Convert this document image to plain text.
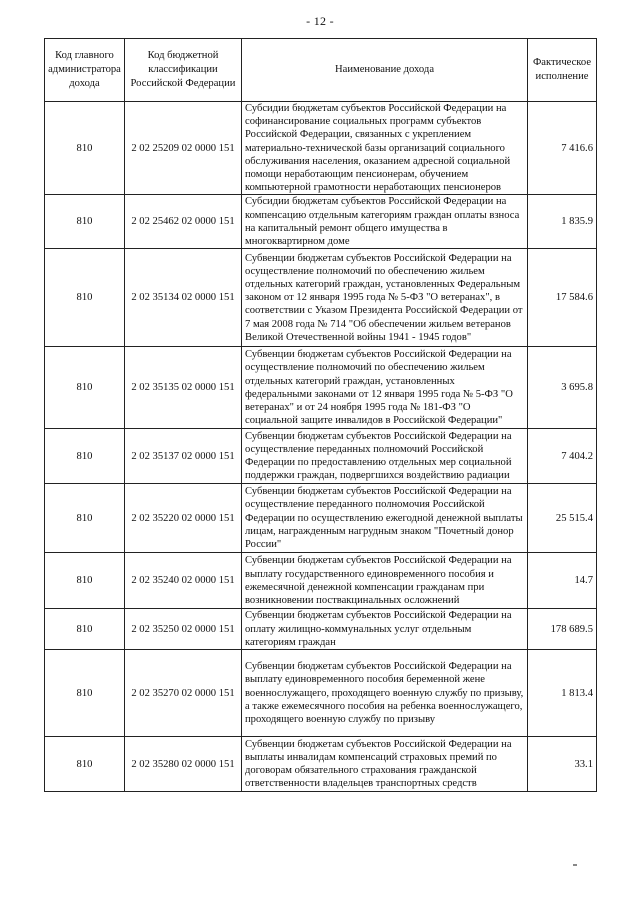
- 12 -
Код главного администратора дохода	Код бюджетной классификации Российской Федерации	Наименование дохода	Фактическое исполнение
810	2 02 25209 02 0000 151	Субсидии бюджетам субъектов Российской Федерации на софинансирование социальных программ субъектов Российской Федерации, связанных с укреплением материально-технической базы организаций социального обслуживания населения, оказанием адресной социальной помощи неработающим пенсионерам, обучением компьютерной грамотности неработающих пенсионеров	7 416.6
810	2 02 25462 02 0000 151	Субсидии бюджетам субъектов Российской Федерации на компенсацию отдельным категориям граждан оплаты взноса на капитальный ремонт общего имущества в многоквартирном доме	1 835.9
810	2 02 35134 02 0000 151	Субвенции бюджетам субъектов Российской Федерации на осуществление полномочий по обеспечению жильем отдельных категорий граждан, установленных Федеральным законом от 12 января 1995 года № 5-ФЗ "О ветеранах", в соответствии с Указом Президента Российской Федерации от 7 мая 2008 года № 714 "Об обеспечении жильем ветеранов Великой Отечественной войны 1941 - 1945 годов"	17 584.6
810	2 02 35135 02 0000 151	Субвенции бюджетам субъектов Российской Федерации на осуществление полномочий по обеспечению жильем отдельных категорий граждан, установленных федеральными законами от 12 января 1995 года № 5-ФЗ "О ветеранах" и от 24 ноября 1995 года № 181-ФЗ "О социальной защите инвалидов в Российской Федерации"	3 695.8
810	2 02 35137 02 0000 151	Субвенции бюджетам субъектов Российской Федерации на осуществление переданных полномочий Российской Федерации по предоставлению отдельных мер социальной поддержки граждан, подвергшихся воздействию радиации	7 404.2
810	2 02 35220 02 0000 151	Субвенции бюджетам субъектов Российской Федерации на осуществление переданного полномочия Российской Федерации по осуществлению ежегодной денежной выплаты лицам, награжденным нагрудным знаком "Почетный донор России"	25 515.4
810	2 02 35240 02 0000 151	Субвенции бюджетам субъектов Российской Федерации на выплату государственного единовременного пособия и ежемесячной денежной компенсации гражданам при возникновении поствакцинальных осложнений	14.7
810	2 02 35250 02 0000 151	Субвенции бюджетам субъектов Российской Федерации на оплату жилищно-коммунальных услуг отдельным категориям граждан	178 689.5
810	2 02 35270 02 0000 151	Субвенции бюджетам субъектов Российской Федерации на выплату единовременного пособия беременной жене военнослужащего, проходящего военную службу по призыву, а также ежемесячного пособия на ребенка военнослужащего, проходящего военную службу по призыву	1 813.4
810	2 02 35280 02 0000 151	Субвенции бюджетам субъектов Российской Федерации на выплаты инвалидам компенсаций страховых премий по договорам обязательного страхования гражданской ответственности владельцев транспортных средств	33.1
